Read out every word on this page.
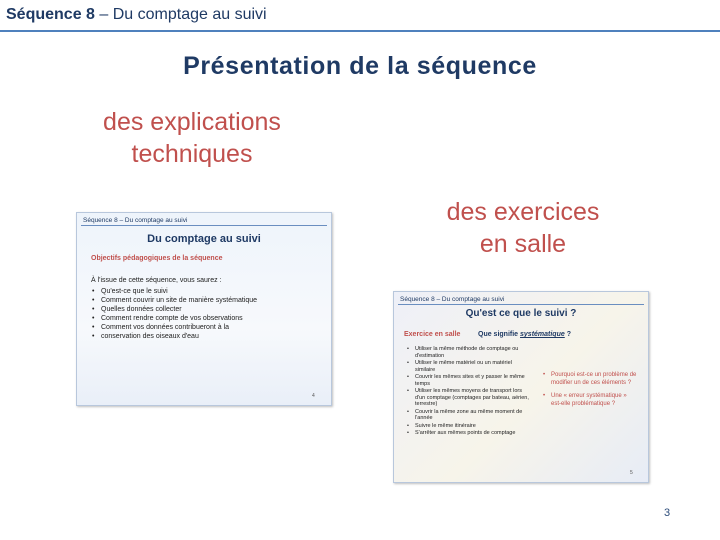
Séquence 8 – Du comptage au suivi
Présentation de la séquence
des explications
techniques
des exercices
en salle
Séquence 8 – Du comptage au suivi
Du comptage au suivi
Objectifs pédagogiques de la séquence
À l'issue de cette séquence, vous saurez :
• Qu'est-ce que le suivi
• Comment couvrir un site de manière systématique
• Quelles données collecter
• Comment rendre compte de vos observations
• Comment vos données contribueront à la
• conservation des oiseaux d'eau
4
Séquence 8 – Du comptage au suivi
Qu'est ce que le suivi ?
Exercice en salle	Que signifie systématique ?
• Utiliser la même méthode de comptage ou d'estimation
• Utiliser le même matériel ou un matériel similaire
• Couvrir les mêmes sites et y passer le même temps
• Utiliser les mêmes moyens de transport lors d'un comptage (comptages par bateau, aérien, terrestre)
• Couvrir la même zone au même moment de l'année
• Suivre le même itinéraire
• S'arrêter aux mêmes points de comptage
• Pourquoi est-ce un problème de modifier un de ces éléments ?
• Une « erreur systématique » est-elle problématique ?
5
3
